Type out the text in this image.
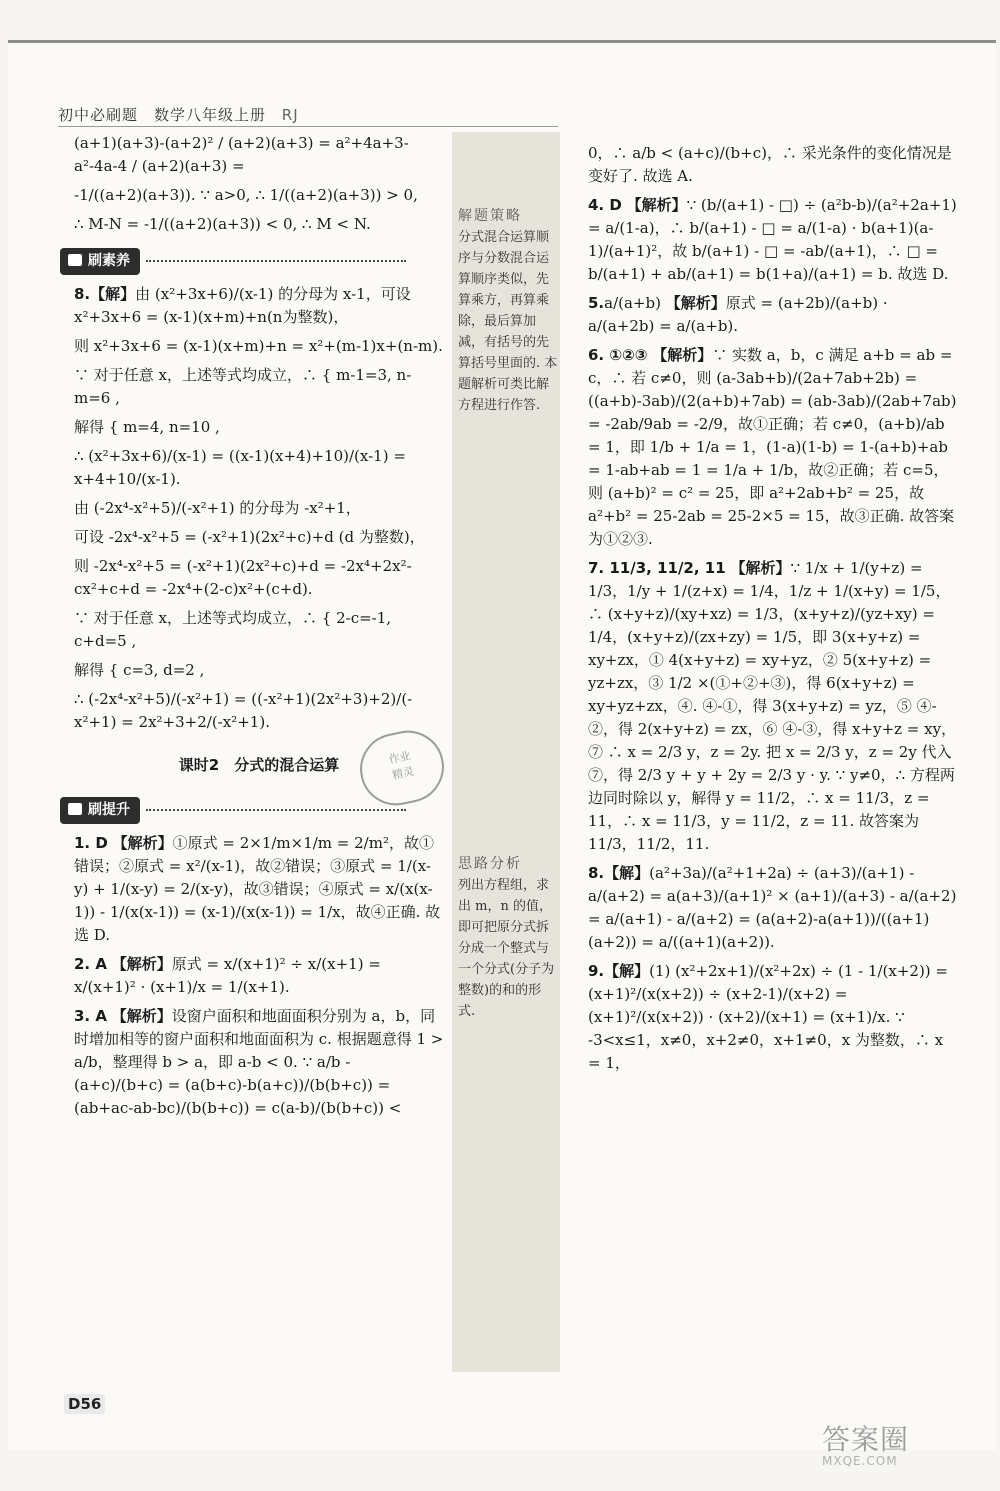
初中必刷题　数学八年级上册 RJ

(a+1)(a+3)-(a+2)² / (a+2)(a+3) = a²+4a+3-a²-4a-4 / (a+2)(a+3) =

-1/((a+2)(a+3)). ∵ a>0, ∴ 1/((a+2)(a+3)) > 0,

∴ M-N = -1/((a+2)(a+3)) < 0, ∴ M < N.

刷素养

8.【解】由 (x²+3x+6)/(x-1) 的分母为 x-1，可设 x²+3x+6 = (x-1)(x+m)+n(n为整数)，

则 x²+3x+6 = (x-1)(x+m)+n = x²+(m-1)x+(n-m).

∵ 对于任意 x，上述等式均成立，∴ { m-1=3, n-m=6 ,

解得 { m=4, n=10 ,

∴ (x²+3x+6)/(x-1) = ((x-1)(x+4)+10)/(x-1) = x+4+10/(x-1).

由 (-2x⁴-x²+5)/(-x²+1) 的分母为 -x²+1，

可设 -2x⁴-x²+5 = (-x²+1)(2x²+c)+d (d 为整数)，

则 -2x⁴-x²+5 = (-x²+1)(2x²+c)+d = -2x⁴+2x²-cx²+c+d = -2x⁴+(2-c)x²+(c+d).

∵ 对于任意 x，上述等式均成立，∴ { 2-c=-1, c+d=5 ,

解得 { c=3, d=2 ,

∴ (-2x⁴-x²+5)/(-x²+1) = ((-x²+1)(2x²+3)+2)/(-x²+1) = 2x²+3+2/(-x²+1).

课时2　分式的混合运算
刷提升

1. D 【解析】①原式 = 2×1/m×1/m = 2/m²，故①错误；②原式 = x²/(x-1)，故②错误；③原式 = 1/(x-y) + 1/(x-y) = 2/(x-y)，故③错误；④原式 = x/(x(x-1)) - 1/(x(x-1)) = (x-1)/(x(x-1)) = 1/x，故④正确. 故选 D.

2. A 【解析】原式 = x/(x+1)² ÷ x/(x+1) = x/(x+1)² · (x+1)/x = 1/(x+1).

3. A 【解析】设窗户面积和地面面积分别为 a，b，同时增加相等的窗户面积和地面面积为 c. 根据题意得 1 > a/b，整理得 b > a，即 a-b < 0. ∵ a/b - (a+c)/(b+c) = (a(b+c)-b(a+c))/(b(b+c)) = (ab+ac-ab-bc)/(b(b+c)) = c(a-b)/(b(b+c)) <

解题策略
分式混合运算顺序与分数混合运算顺序类似，先算乘方，再算乘除，最后算加减，有括号的先算括号里面的. 本题解析可类比解方程进行作答.
思路分析
列出方程组，求出 m，n 的值，即可把原分式拆分成一个整式与一个分式(分子为整数)的和的形式.

作业
精灵

0，∴ a/b < (a+c)/(b+c)，∴ 采光条件的变化情况是变好了. 故选 A.

4. D 【解析】∵ (b/(a+1) - □) ÷ (a²b-b)/(a²+2a+1) = a/(1-a)，∴ b/(a+1) - □ = a/(1-a) · b(a+1)(a-1)/(a+1)²，故 b/(a+1) - □ = -ab/(a+1)，∴ □ = b/(a+1) + ab/(a+1) = b(1+a)/(a+1) = b. 故选 D.

5.a/(a+b) 【解析】原式 = (a+2b)/(a+b) · a/(a+2b) = a/(a+b).

6. ①②③ 【解析】∵ 实数 a，b，c 满足 a+b = ab = c，∴ 若 c≠0，则 (a-3ab+b)/(2a+7ab+2b) = ((a+b)-3ab)/(2(a+b)+7ab) = (ab-3ab)/(2ab+7ab) = -2ab/9ab = -2/9，故①正确；若 c≠0，(a+b)/ab = 1，即 1/b + 1/a = 1，(1-a)(1-b) = 1-(a+b)+ab = 1-ab+ab = 1 = 1/a + 1/b，故②正确；若 c=5，则 (a+b)² = c² = 25，即 a²+2ab+b² = 25，故 a²+b² = 25-2ab = 25-2×5 = 15，故③正确. 故答案为①②③.

7. 11/3, 11/2, 11 【解析】∵ 1/x + 1/(y+z) = 1/3，1/y + 1/(z+x) = 1/4，1/z + 1/(x+y) = 1/5，∴ (x+y+z)/(xy+xz) = 1/3，(x+y+z)/(yz+xy) = 1/4，(x+y+z)/(zx+zy) = 1/5，即 3(x+y+z) = xy+zx，① 4(x+y+z) = xy+yz，② 5(x+y+z) = yz+zx，③ 1/2 ×(①+②+③)，得 6(x+y+z) = xy+yz+zx，④. ④-①，得 3(x+y+z) = yz，⑤ ④-②，得 2(x+y+z) = zx，⑥ ④-③，得 x+y+z = xy，⑦ ∴ x = 2/3 y，z = 2y. 把 x = 2/3 y，z = 2y 代入⑦，得 2/3 y + y + 2y = 2/3 y · y. ∵ y≠0，∴ 方程两边同时除以 y，解得 y = 11/2，∴ x = 11/3，z = 11，∴ x = 11/3，y = 11/2，z = 11. 故答案为 11/3，11/2，11.

8.【解】(a²+3a)/(a²+1+2a) ÷ (a+3)/(a+1) - a/(a+2) = a(a+3)/(a+1)² × (a+1)/(a+3) - a/(a+2) = a/(a+1) - a/(a+2) = (a(a+2)-a(a+1))/((a+1)(a+2)) = a/((a+1)(a+2)).

9.【解】(1) (x²+2x+1)/(x²+2x) ÷ (1 - 1/(x+2)) = (x+1)²/(x(x+2)) ÷ (x+2-1)/(x+2) = (x+1)²/(x(x+2)) · (x+2)/(x+1) = (x+1)/x. ∵ -3<x≤1，x≠0，x+2≠0，x+1≠0，x 为整数，∴ x = 1，

D56
答案圈
MXQE.COM
